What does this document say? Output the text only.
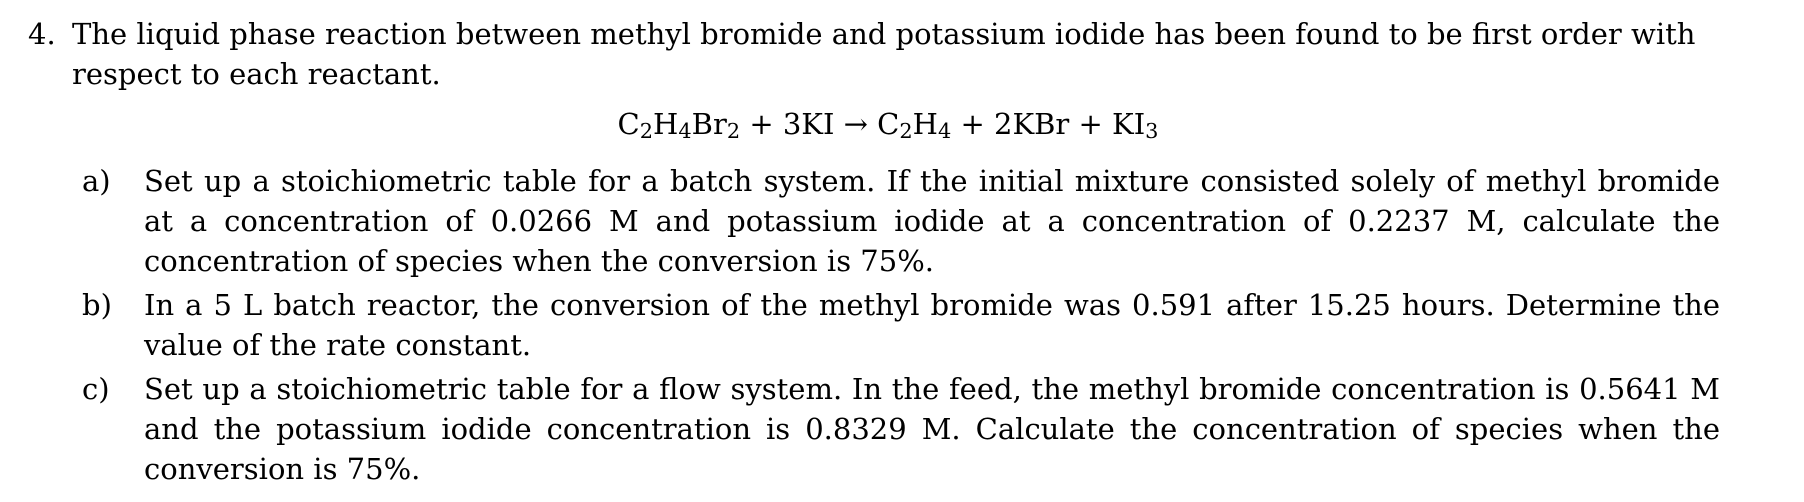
4. The liquid phase reaction between methyl bromide and potassium iodide has been found to be first order with respect to each reactant.
$C_2H_4Br_2 + 3KI \to C_2H_4 + 2KBr + KI_3$
a)	Set up a stoichiometric table for a batch system. If the initial mixture consisted solely of methyl bromide at a concentration of 0.0266 M and potassium iodide at a concentration of 0.2237 M, calculate the concentration of species when the conversion is 75%.
b)	In a 5 L batch reactor, the conversion of the methyl bromide was 0.591 after 15.25 hours. Determine the value of the rate constant.
c)	Set up a stoichiometric table for a flow system. In the feed, the methyl bromide concentration is 0.5641 M and the potassium iodide concentration is 0.8329 M. Calculate the concentration of species when the conversion is 75%.
